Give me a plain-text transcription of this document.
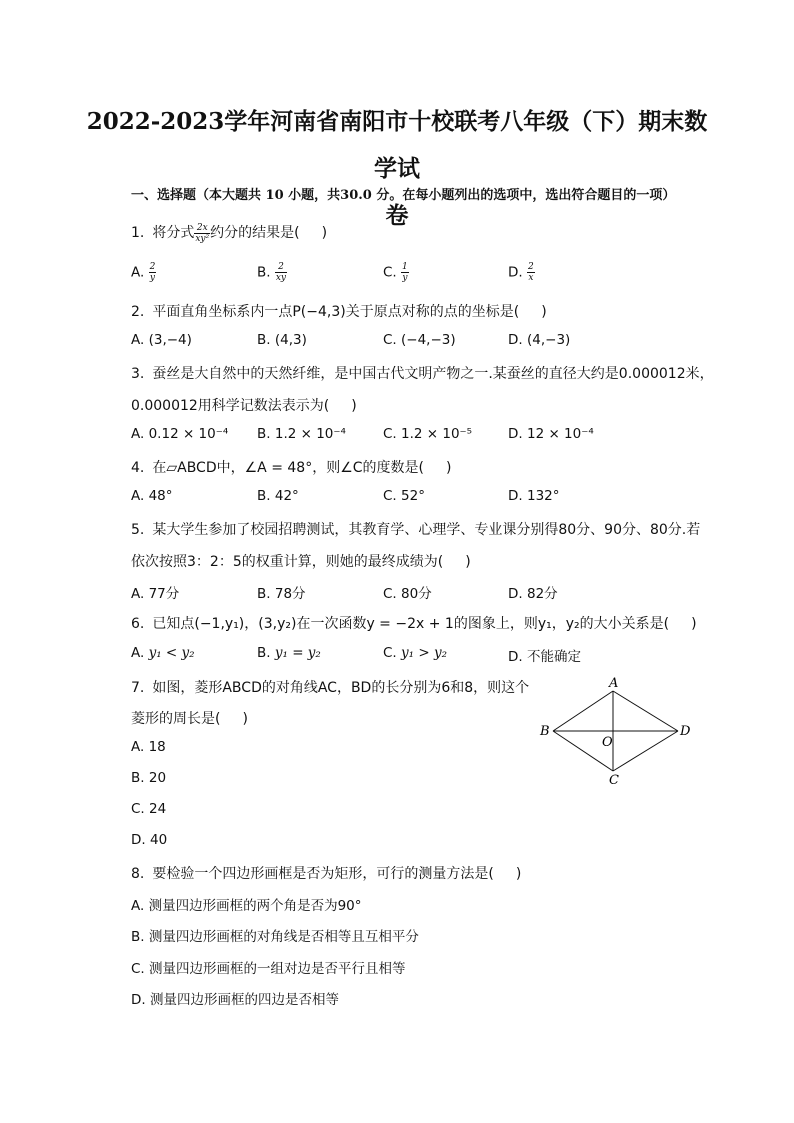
2022-2023学年河南省南阳市十校联考八年级（下）期末数学试
卷
一、选择题（本大题共 10 小题，共30.0 分。在每小题列出的选项中，选出符合题目的一项）
1. 将分式 $\frac{2x}{\text{xy²}}$ 约分的结果是( )
A. $\frac{2}{y}$	B. $\frac{2}{xy}$	C. $\frac{1}{y}$	D. $\frac{2}{x}$
2. 平面直角坐标系内一点P(−4,3)关于原点对称的点的坐标是( )
A. (3,−4)	B. (4,3)	C. (−4,−3)	D. (4,−3)
3. 蚕丝是大自然中的天然纤维，是中国古代文明产物之一.某蚕丝的直径大约是0.000012米，
0.000012用科学记数法表示为( )
A. 0.12 × 10⁻⁴ B. 1.2 × 10⁻⁴	C. 1.2 × 10⁻⁵	D. 12 × 10⁻⁴
4. 在▱ABCD中，∠A = 48°，则∠C的度数是( )
A. 48°	B. 42°	C. 52°	D. 132°
5. 某大学生参加了校园招聘测试，其教育学、心理学、专业课分别得80分、90分、80分.若
依次按照3：2：5的权重计算，则她的最终成绩为( )
A. 77分	B. 78分	C. 80分	D. 82分
6. 已知点(−1,y₁)，(3,y₂)在一次函数y = −2x + 1的图象上，则y₁，y₂的大小关系是( )
A. y₁ < y₂	B. y₁ = y₂	C. y₁ > y₂	D. 不能确定
7. 如图，菱形ABCD的对角线AC，BD的长分别为6和8，则这个
菱形的周长是( )
A. 18
B. 20
C. 24
D. 40
A
B
C
D
O
8. 要检验一个四边形画框是否为矩形，可行的测量方法是( )
A. 测量四边形画框的两个角是否为90°
B. 测量四边形画框的对角线是否相等且互相平分
C. 测量四边形画框的一组对边是否平行且相等
D. 测量四边形画框的四边是否相等
